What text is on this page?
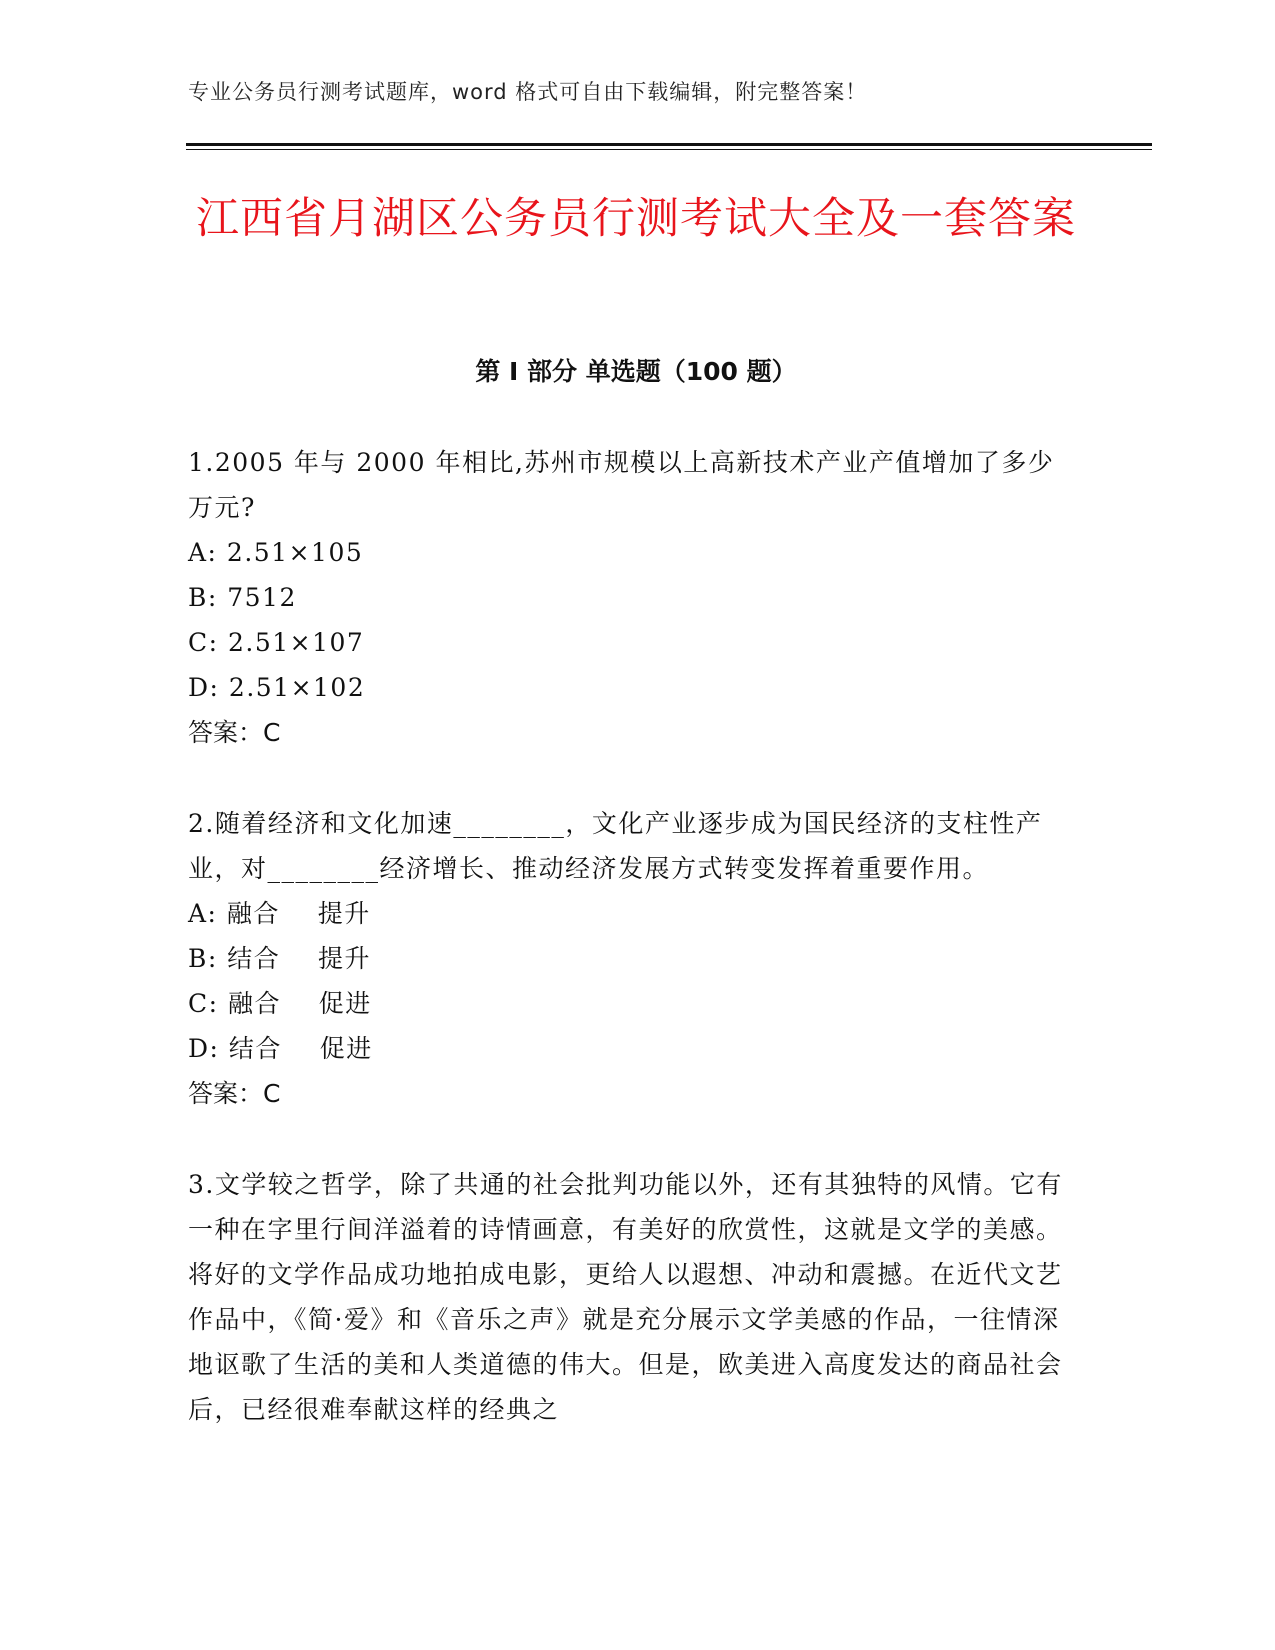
专业公务员行测考试题库，word 格式可自由下载编辑，附完整答案！
江西省月湖区公务员行测考试大全及一套答案
第 I 部分 单选题（100 题）

1.2005 年与 2000 年相比,苏州市规模以上高新技术产业产值增加了多少万元?

A: 2.51×105

B: 7512

C: 2.51×107

D: 2.51×102

答案：C

2.随着经济和文化加速________，文化产业逐步成为国民经济的支柱性产业，对________经济增长、推动经济发展方式转变发挥着重要作用。

A: 融合    提升

B: 结合    提升

C: 融合    促进

D: 结合    促进

答案：C

3.文学较之哲学，除了共通的社会批判功能以外，还有其独特的风情。它有一种在字里行间洋溢着的诗情画意，有美好的欣赏性，这就是文学的美感。将好的文学作品成功地拍成电影，更给人以遐想、冲动和震撼。在近代文艺作品中，《简·爱》和《音乐之声》就是充分展示文学美感的作品，一往情深地讴歌了生活的美和人类道德的伟大。但是，欧美进入高度发达的商品社会后，已经很难奉献这样的经典之
